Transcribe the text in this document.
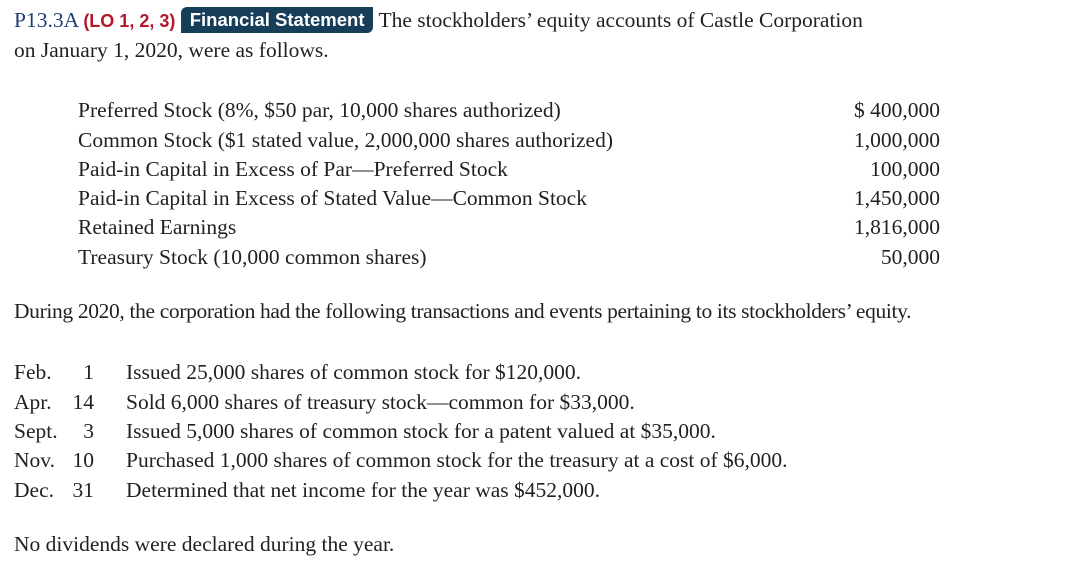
P13.3A (LO 1, 2, 3) Financial Statement The stockholders’ equity accounts of Castle Corporation
on January 1, 2020, were as follows.
Preferred Stock (8%, $50 par, 10,000 shares authorized)	$ 400,000
Common Stock ($1 stated value, 2,000,000 shares authorized)	1,000,000
Paid-in Capital in Excess of Par—Preferred Stock	100,000
Paid-in Capital in Excess of Stated Value—Common Stock	1,450,000
Retained Earnings	1,816,000
Treasury Stock (10,000 common shares)	50,000
During 2020, the corporation had the following transactions and events pertaining to its stockholders’ equity.
Feb. 1 Issued 25,000 shares of common stock for $120,000.
Apr. 14 Sold 6,000 shares of treasury stock—common for $33,000.
Sept. 3 Issued 5,000 shares of common stock for a patent valued at $35,000.
Nov. 10 Purchased 1,000 shares of common stock for the treasury at a cost of $6,000.
Dec. 31 Determined that net income for the year was $452,000.
No dividends were declared during the year.
